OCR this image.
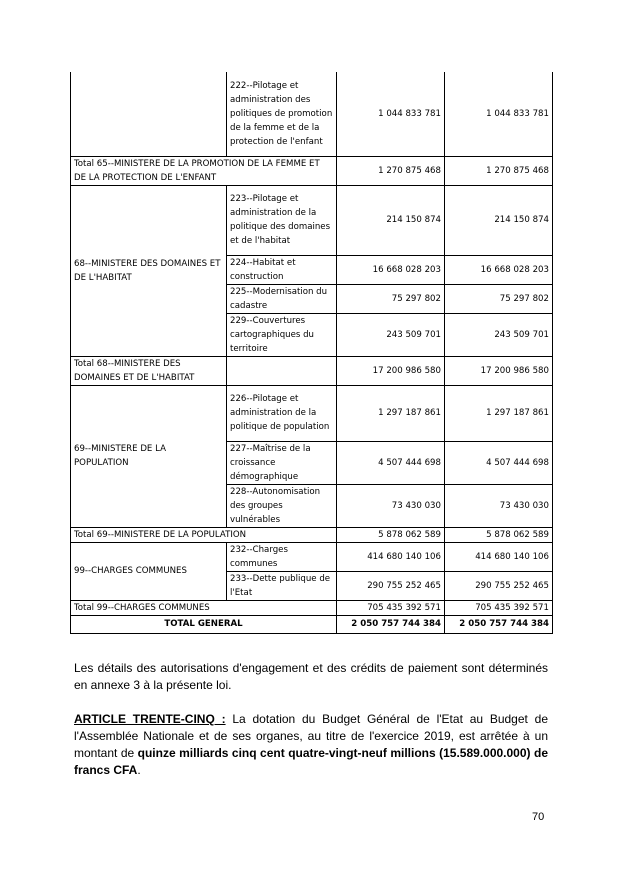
	222--Pilotage et administration des politiques de promotion de la femme et de la protection de l'enfant	1 044 833 781	1 044 833 781
Total 65--MINISTERE DE LA PROMOTION DE LA FEMME ET DE LA PROTECTION DE L'ENFANT		1 270 875 468	1 270 875 468
68--MINISTERE DES DOMAINES ET DE L'HABITAT	223--Pilotage et administration de la politique des domaines et de l'habitat	214 150 874	214 150 874
	224--Habitat et construction	16 668 028 203	16 668 028 203
	225--Modernisation du cadastre	75 297 802	75 297 802
	229--Couvertures cartographiques du territoire	243 509 701	243 509 701
Total 68--MINISTERE DES DOMAINES ET DE L'HABITAT		17 200 986 580	17 200 986 580
69--MINISTERE DE LA POPULATION	226--Pilotage et administration de la politique de population	1 297 187 861	1 297 187 861
	227--Maîtrise de la croissance démographique	4 507 444 698	4 507 444 698
	228--Autonomisation des groupes vulnérables	73 430 030	73 430 030
Total 69--MINISTERE DE LA POPULATION		5 878 062 589	5 878 062 589
99--CHARGES COMMUNES	232--Charges communes	414 680 140 106	414 680 140 106
	233--Dette publique de l'Etat	290 755 252 465	290 755 252 465
Total 99--CHARGES COMMUNES		705 435 392 571	705 435 392 571
TOTAL GENERAL		2 050 757 744 384	2 050 757 744 384

Les détails des autorisations d'engagement et des crédits de paiement sont déterminés en annexe 3 à la présente loi.

ARTICLE TRENTE-CINQ : La dotation du Budget Général de l'Etat au Budget de l'Assemblée Nationale et de ses organes, au titre de l'exercice 2019, est arrêtée à un montant de quinze milliards cinq cent quatre-vingt-neuf millions (15.589.000.000) de francs CFA.

70
